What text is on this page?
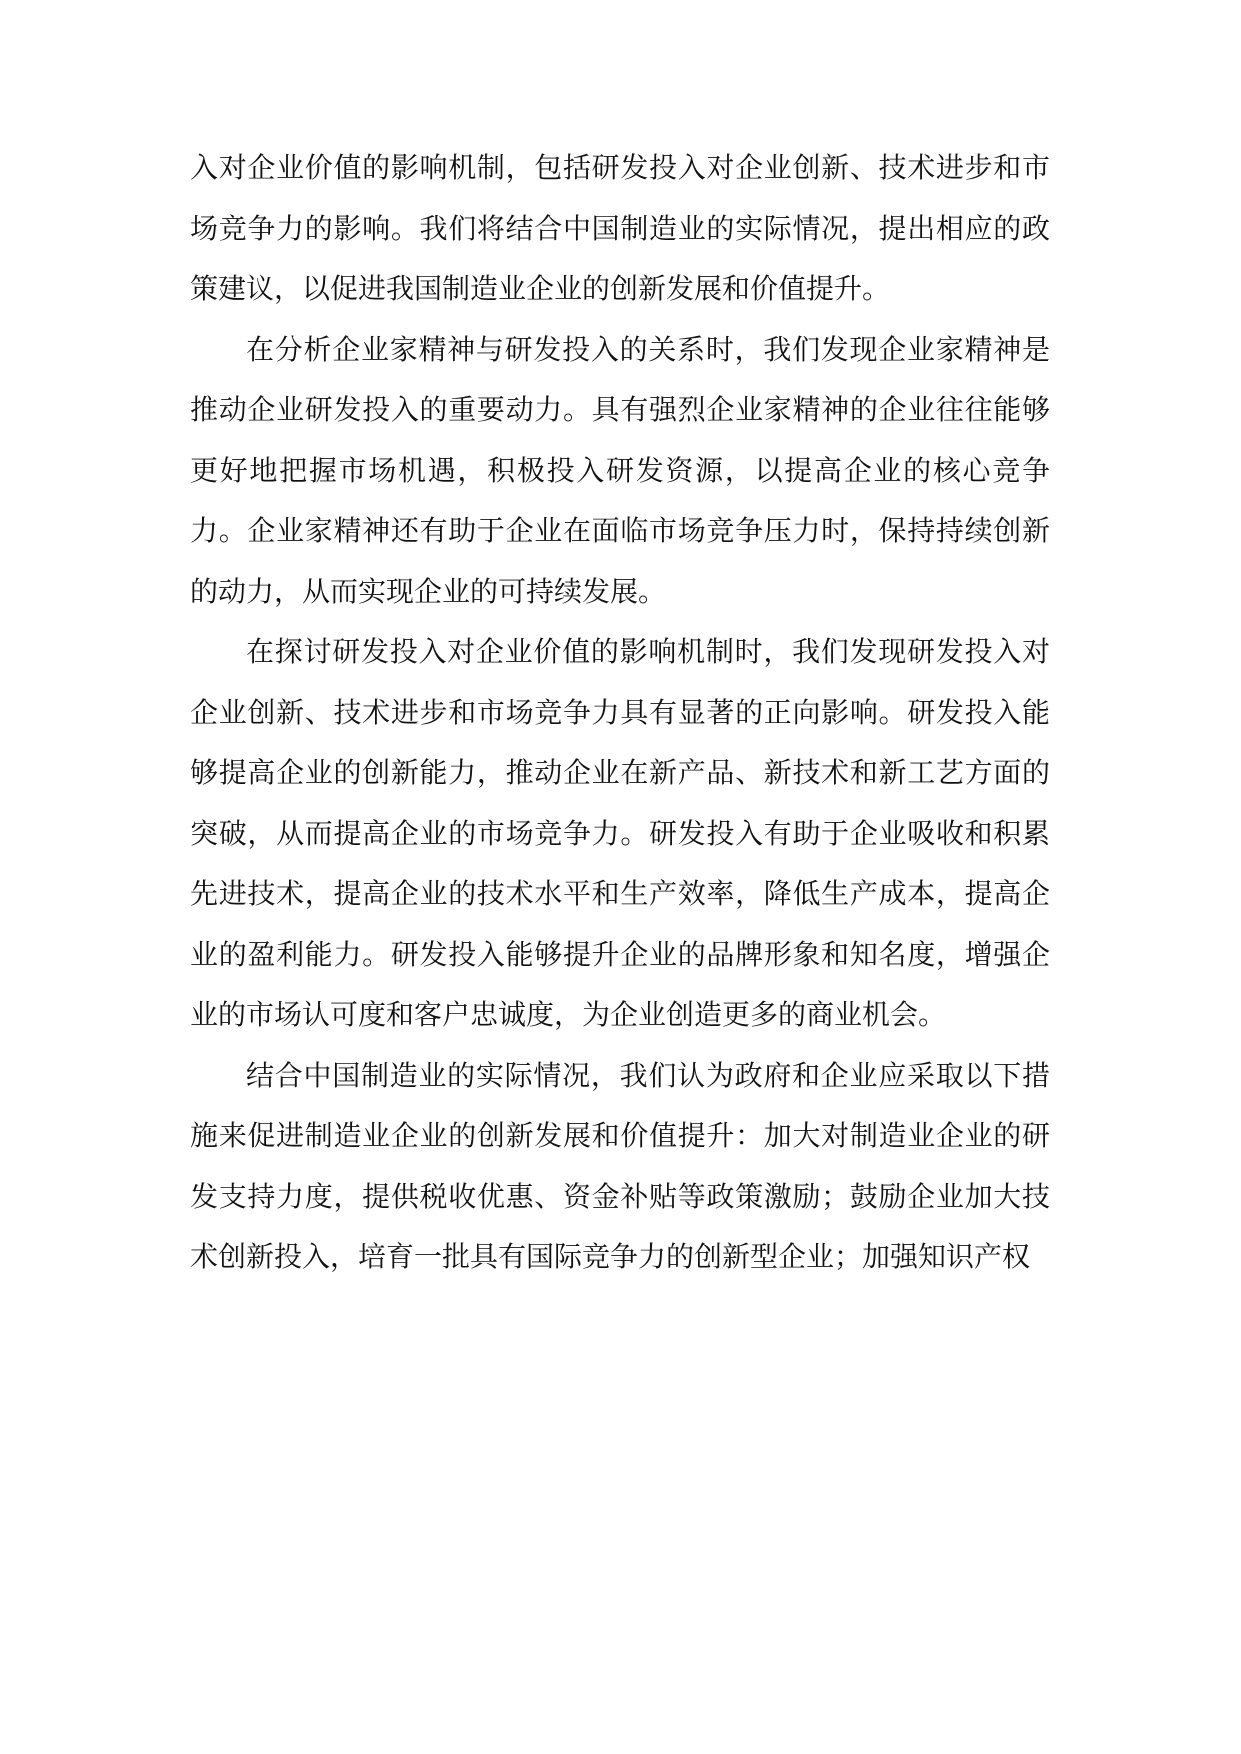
入对企业价值的影响机制，包括研发投入对企业创新、技术进步和市场竞争力的影响。我们将结合中国制造业的实际情况，提出相应的政策建议，以促进我国制造业企业的创新发展和价值提升。

在分析企业家精神与研发投入的关系时，我们发现企业家精神是推动企业研发投入的重要动力。具有强烈企业家精神的企业往往能够更好地把握市场机遇，积极投入研发资源，以提高企业的核心竞争力。企业家精神还有助于企业在面临市场竞争压力时，保持持续创新的动力，从而实现企业的可持续发展。

在探讨研发投入对企业价值的影响机制时，我们发现研发投入对企业创新、技术进步和市场竞争力具有显著的正向影响。研发投入能够提高企业的创新能力，推动企业在新产品、新技术和新工艺方面的突破，从而提高企业的市场竞争力。研发投入有助于企业吸收和积累先进技术，提高企业的技术水平和生产效率，降低生产成本，提高企业的盈利能力。研发投入能够提升企业的品牌形象和知名度，增强企业的市场认可度和客户忠诚度，为企业创造更多的商业机会。

结合中国制造业的实际情况，我们认为政府和企业应采取以下措施来促进制造业企业的创新发展和价值提升：加大对制造业企业的研发支持力度，提供税收优惠、资金补贴等政策激励；鼓励企业加大技术创新投入，培育一批具有国际竞争力的创新型企业；加强知识产权
